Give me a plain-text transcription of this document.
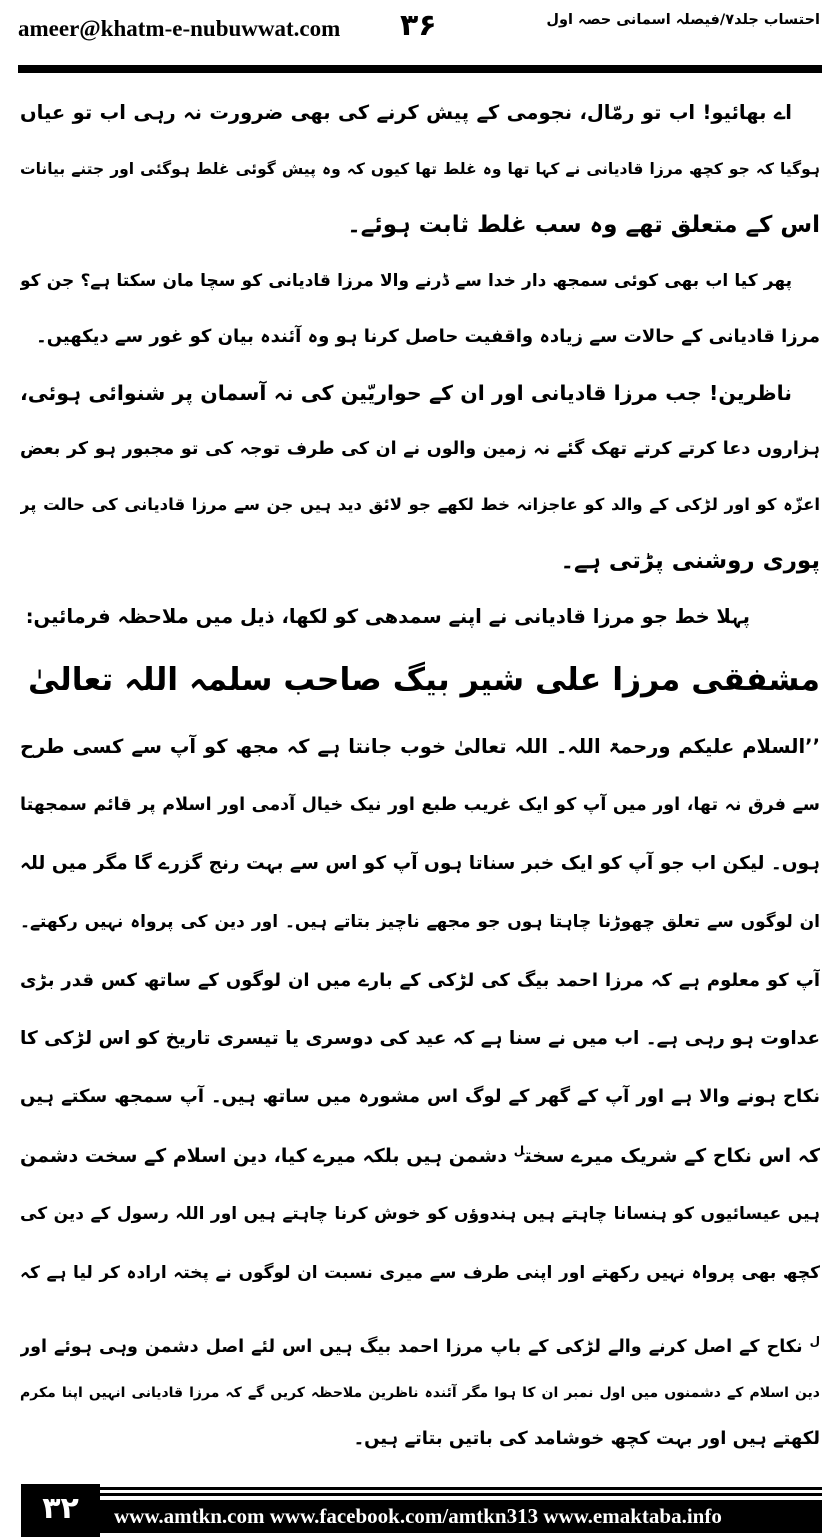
ameer@khatm-e-nubuwwat.com ۳۶	احتساب جلد۷/فیصلہ آسمانی حصہ اول
اے بھائیو! اب تو رمّال، نجومی کے پیش کرنے کی بھی ضرورت نہ رہی اب تو عیاں
ہوگیا کہ جو کچھ مرزا قادیانی نے کہا تھا وہ غلط تھا کیوں کہ وہ پیش گوئی غلط ہوگئی اور جتنے بیانات
اس کے متعلق تھے وہ سب غلط ثابت ہوئے۔
پھر کیا اب بھی کوئی سمجھ دار خدا سے ڈرنے والا مرزا قادیانی کو سچا مان سکتا ہے؟ جن کو
مرزا قادیانی کے حالات سے زیادہ واقفیت حاصل کرنا ہو وہ آئندہ بیان کو غور سے دیکھیں۔
ناظرین! جب مرزا قادیانی اور ان کے حواریّین کی نہ آسمان پر شنوائی ہوئی،
ہزاروں دعا کرتے کرتے تھک گئے نہ زمین والوں نے ان کی طرف توجہ کی تو مجبور ہو کر بعض
اعزّہ کو اور لڑکی کے والد کو عاجزانہ خط لکھے جو لائق دید ہیں جن سے مرزا قادیانی کی حالت پر
پوری روشنی پڑتی ہے۔
پہلا خط جو مرزا قادیانی نے اپنے سمدھی کو لکھا، ذیل میں ملاحظہ فرمائیں:
مشفقی مرزا علی شیر بیگ صاحب سلمہ اللہ تعالیٰ
’’السلام علیکم ورحمۃ اللہ۔ اللہ تعالیٰ خوب جانتا ہے کہ مجھ کو آپ سے کسی طرح
سے فرق نہ تھا، اور میں آپ کو ایک غریب طبع اور نیک خیال آدمی اور اسلام پر قائم سمجھتا
ہوں۔ لیکن اب جو آپ کو ایک خبر سناتا ہوں آپ کو اس سے بہت رنج گزرے گا مگر میں للہ
ان لوگوں سے تعلق چھوڑنا چاہتا ہوں جو مجھے ناچیز بتاتے ہیں۔ اور دین کی پرواہ نہیں رکھتے۔
آپ کو معلوم ہے کہ مرزا احمد بیگ کی لڑکی کے بارے میں ان لوگوں کے ساتھ کس قدر بڑی
عداوت ہو رہی ہے۔ اب میں نے سنا ہے کہ عید کی دوسری یا تیسری تاریخ کو اس لڑکی کا
نکاح ہونے والا ہے اور آپ کے گھر کے لوگ اس مشورہ میں ساتھ ہیں۔ آپ سمجھ سکتے ہیں
کہ اس نکاح کے شریک میرے سخت$^ل$ دشمن ہیں بلکہ میرے کیا، دین اسلام کے سخت دشمن
ہیں عیسائیوں کو ہنسانا چاہتے ہیں ہندوؤں کو خوش کرنا چاہتے ہیں اور اللہ رسول کے دین کی
کچھ بھی پرواہ نہیں رکھتے اور اپنی طرف سے میری نسبت ان لوگوں نے پختہ ارادہ کر لیا ہے کہ
$^ل$ نکاح کے اصل کرنے والے لڑکی کے باپ مرزا احمد بیگ ہیں اس لئے اصل دشمن وہی ہوئے اور
دین اسلام کے دشمنوں میں اول نمبر ان کا ہوا مگر آئندہ ناظرین ملاحظہ کریں گے کہ مرزا قادیانی انہیں اپنا مکرم
لکھتے ہیں اور بہت کچھ خوشامد کی باتیں بتاتے ہیں۔
۳۲	www.amtkn.com www.facebook.com/amtkn313 www.emaktaba.info
